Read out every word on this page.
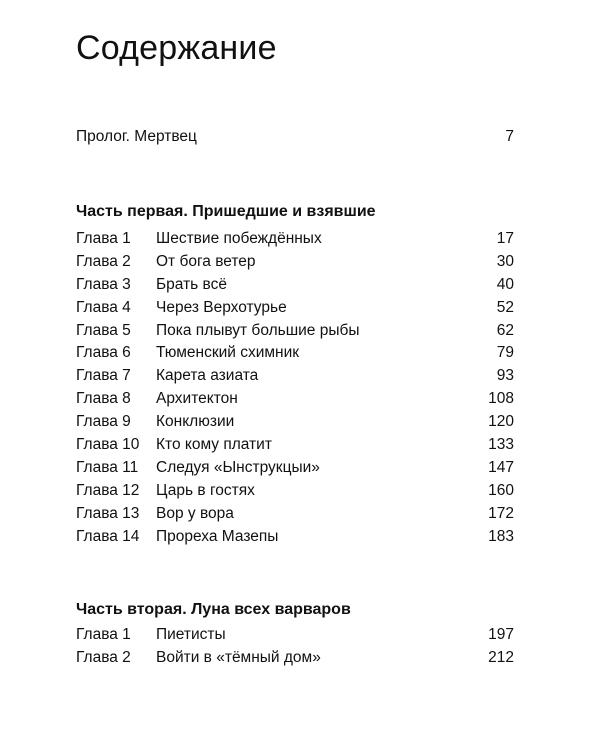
Содержание
Пролог. Мертвец	7
Часть первая. Пришедшие и взявшие
Глава 1 Шествие побеждённых	17
Глава 2 От бога ветер	30
Глава 3 Брать всё	40
Глава 4 Через Верхотурье	52
Глава 5 Пока плывут большие рыбы	62
Глава 6 Тюменский схимник	79
Глава 7 Карета азиата	93
Глава 8 Архитектон	108
Глава 9 Конклюзии	120
Глава 10 Кто кому платит	133
Глава 11 Следуя «Ынструкцыи»	147
Глава 12 Царь в гостях	160
Глава 13 Вор у вора	172
Глава 14 Прореха Мазепы	183
Часть вторая. Луна всех варваров
Глава 1 Пиетисты	197
Глава 2 Войти в «тёмный дом»	212
